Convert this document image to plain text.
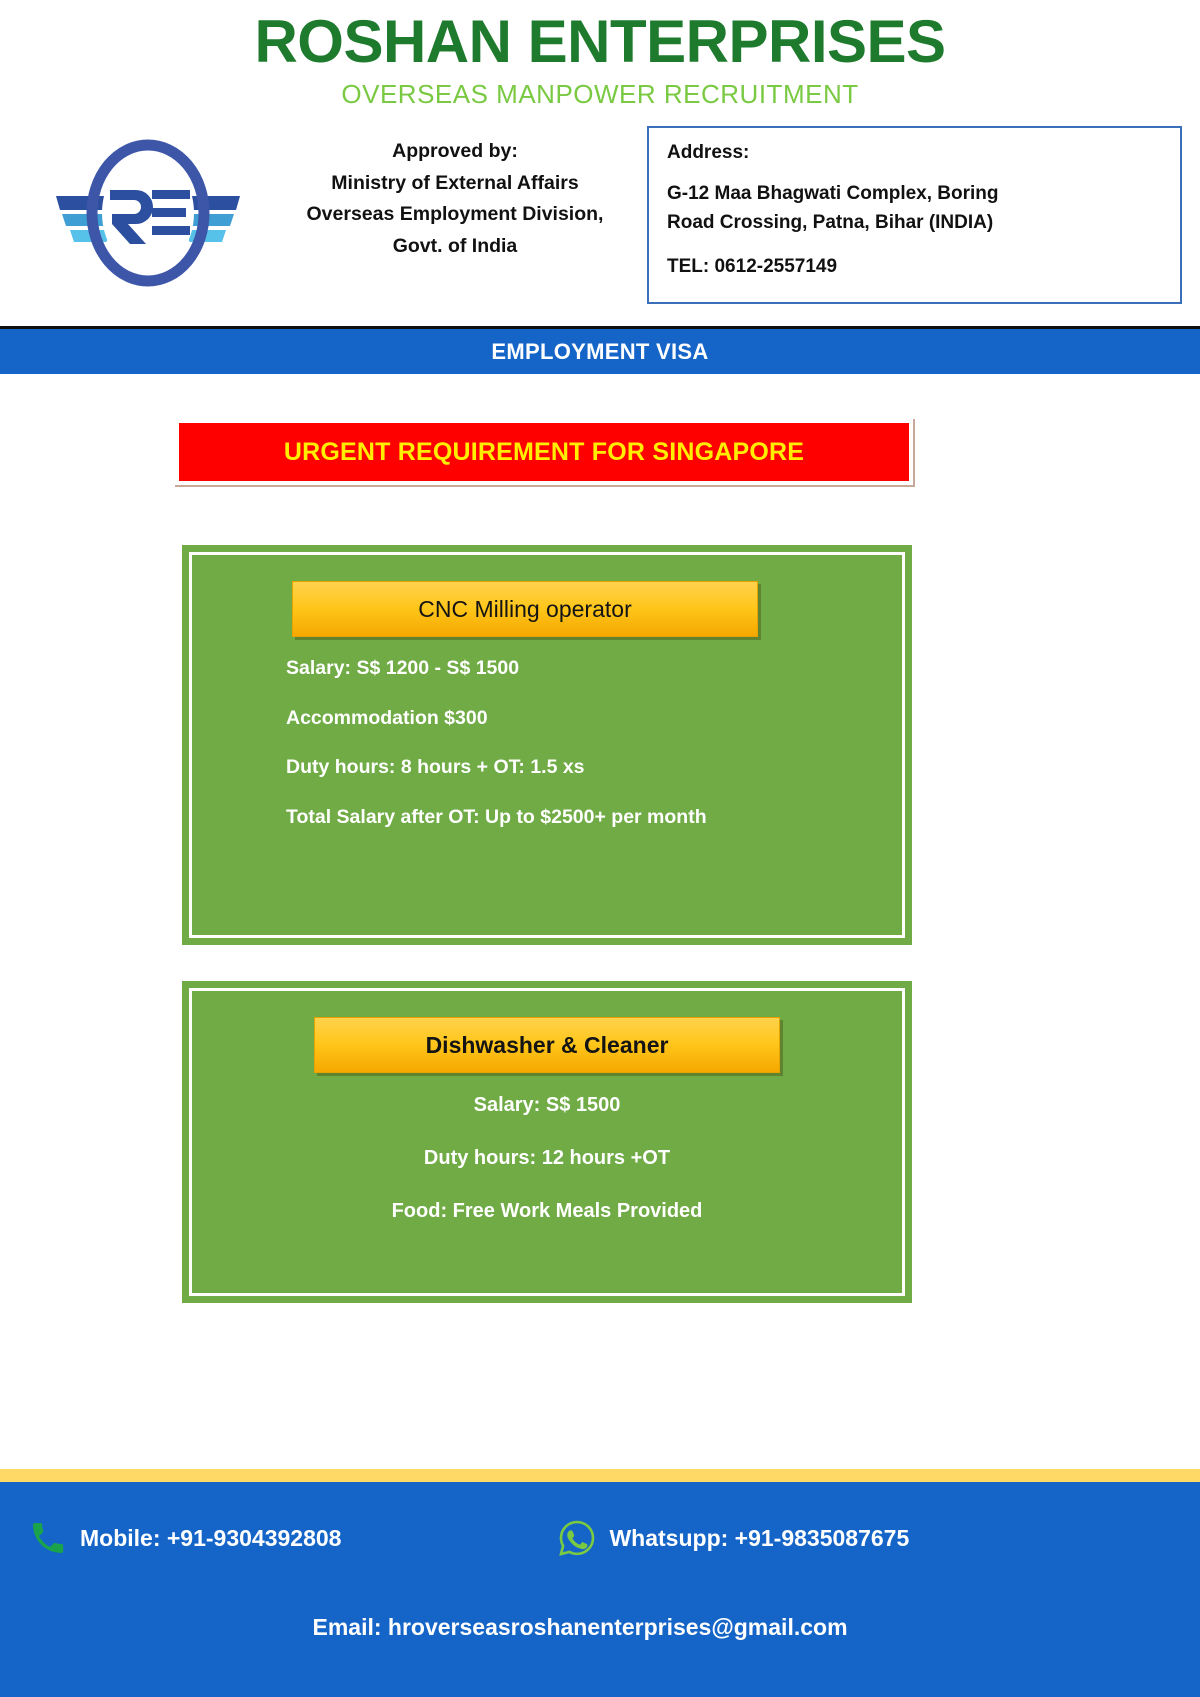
ROSHAN ENTERPRISES
OVERSEAS MANPOWER RECRUITMENT
Approved by:
Ministry of External Affairs
Overseas Employment Division,
Govt. of India
Address:
G-12 Maa Bhagwati Complex, Boring
Road Crossing, Patna, Bihar (INDIA)
TEL: 0612-2557149
EMPLOYMENT VISA
URGENT REQUIREMENT FOR SINGAPORE
CNC Milling operator
Salary: S$ 1200 - S$ 1500
Accommodation $300
Duty hours: 8 hours + OT: 1.5 xs
Total Salary after OT: Up to $2500+ per month
Dishwasher & Cleaner
Salary: S$ 1500
Duty hours: 12 hours +OT
Food: Free Work Meals Provided
Mobile: +91-9304392808	Whatsupp: +91-9835087675
Email: hroverseasroshanenterprises@gmail.com
